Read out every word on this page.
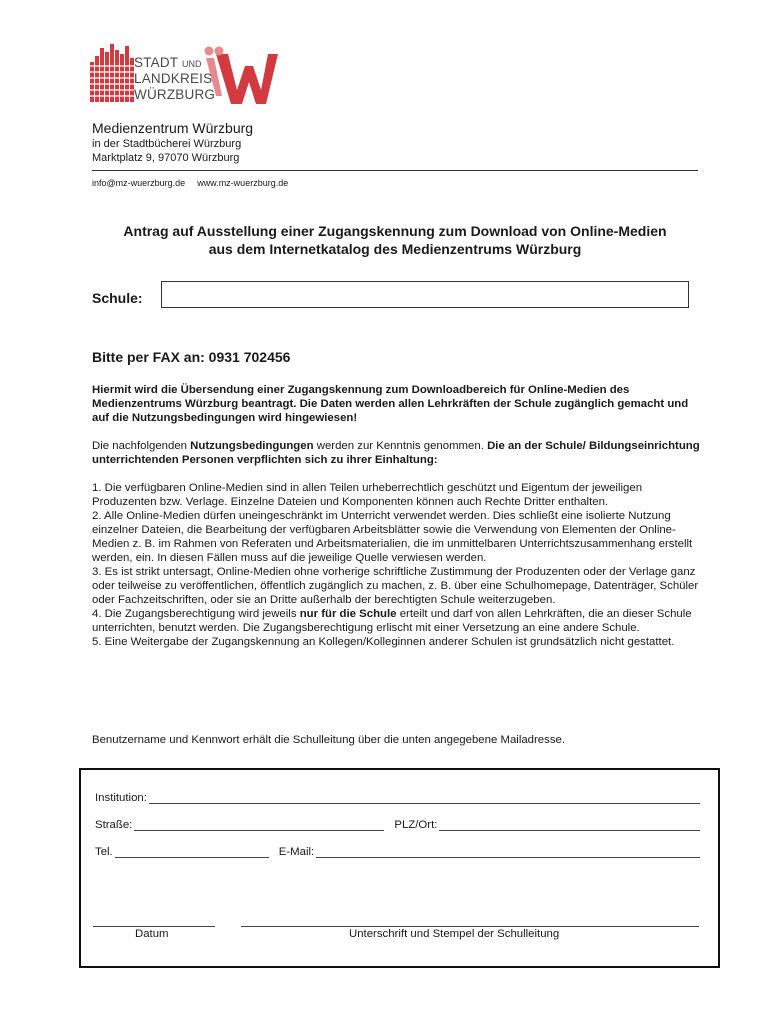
STADT UND
LANDKREIS
WÜRZBURG
Medienzentrum Würzburg
in der Stadtbücherei Würzburg
Marktplatz 9, 97070 Würzburg
info@mz-wuerzburg.de www.mz-wuerzburg.de
Antrag auf Ausstellung einer Zugangskennung zum Download von Online-Medien
aus dem Internetkatalog des Medienzentrums Würzburg
Schule:
Bitte per FAX an: 0931 702456
Hiermit wird die Übersendung einer Zugangskennung zum Downloadbereich für Online-Medien des Medienzentrums Würzburg beantragt. Die Daten werden allen Lehrkräften der Schule zugänglich gemacht und auf die Nutzungsbedingungen wird hingewiesen!
Die nachfolgenden Nutzungsbedingungen werden zur Kenntnis genommen. Die an der Schule/ Bildungseinrichtung unterrichtenden Personen verpflichten sich zu ihrer Einhaltung:
1. Die verfügbaren Online-Medien sind in allen Teilen urheberrechtlich geschützt und Eigentum der jeweiligen Produzenten bzw. Verlage. Einzelne Dateien und Komponenten können auch Rechte Dritter enthalten.
2. Alle Online-Medien dürfen uneingeschränkt im Unterricht verwendet werden. Dies schließt eine isolierte Nutzung einzelner Dateien, die Bearbeitung der verfügbaren Arbeitsblätter sowie die Verwendung von Elementen der Online-Medien z. B. im Rahmen von Referaten und Arbeitsmaterialien, die im unmittelbaren Unterrichtszusammenhang erstellt werden, ein. In diesen Fällen muss auf die jeweilige Quelle verwiesen werden.
3. Es ist strikt untersagt, Online-Medien ohne vorherige schriftliche Zustimmung der Produzenten oder der Verlage ganz oder teilweise zu veröffentlichen, öffentlich zugänglich zu machen, z. B. über eine Schulhomepage, Datenträger, Schüler oder Fachzeitschriften, oder sie an Dritte außerhalb der berechtigten Schule weiterzugeben.
4. Die Zugangsberechtigung wird jeweils nur für die Schule erteilt und darf von allen Lehrkräften, die an dieser Schule unterrichten, benutzt werden. Die Zugangsberechtigung erlischt mit einer Versetzung an eine andere Schule.
5. Eine Weitergabe der Zugangskennung an Kollegen/Kolleginnen anderer Schulen ist grundsätzlich nicht gestattet.
Benutzername und Kennwort erhält die Schulleitung über die unten angegebene Mailadresse.
Institution:
Straße:	PLZ/Ort:
Tel.	E-Mail:
Datum	Unterschrift und Stempel der Schulleitung
